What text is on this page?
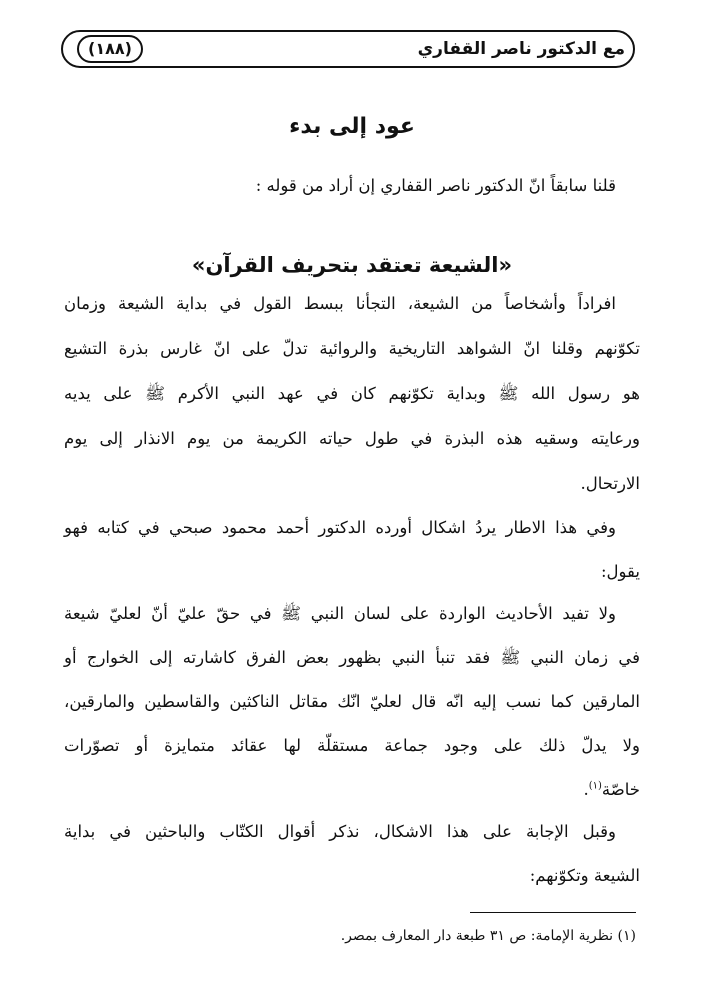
مع الدكتور ناصر القفاري
(١٨٨)
عود إلى بدء
قلنا سابقاً انّ الدكتور ناصر القفاري إن أراد من قوله :
«الشيعة تعتقد بتحريف القرآن»
افراداً وأشخاصاً من الشيعة، التجأنا ببسط القول في بداية الشيعة وزمان
تكوّنهم وقلنا انّ الشواهد التاريخية والروائية تدلّ على انّ غارس بذرة التشيع
هو رسول الله ﷺ وبداية تكوّنهم كان في عهد النبي الأكرم ﷺ على يديه
ورعايته وسقيه هذه البذرة في طول حياته الكريمة من يوم الانذار إلى يوم
الارتحال.
وفي هذا الاطار يردُ اشكال أورده الدكتور أحمد محمود صبحي في كتابه فهو
يقول:
ولا تفيد الأحاديث الواردة على لسان النبي ﷺ في حقّ عليّ أنّ لعليّ شيعة
في زمان النبي ﷺ فقد تنبأ النبي بظهور بعض الفرق كاشارته إلى الخوارج أو
المارقين كما نسب إليه انّه قال لعليّ انّك مقاتل الناكثين والقاسطين والمارقين،
ولا يدلّ ذلك على وجود جماعة مستقلّة لها عقائد متمايزة أو تصوّرات
خاصّة$^{(١)}$.
وقبل الإجابة على هذا الاشكال، نذكر أقوال الكتّاب والباحثين في بداية
الشيعة وتكوّنهم:
(١) نظرية الإمامة: ص ٣١ طبعة دار المعارف بمصر.
